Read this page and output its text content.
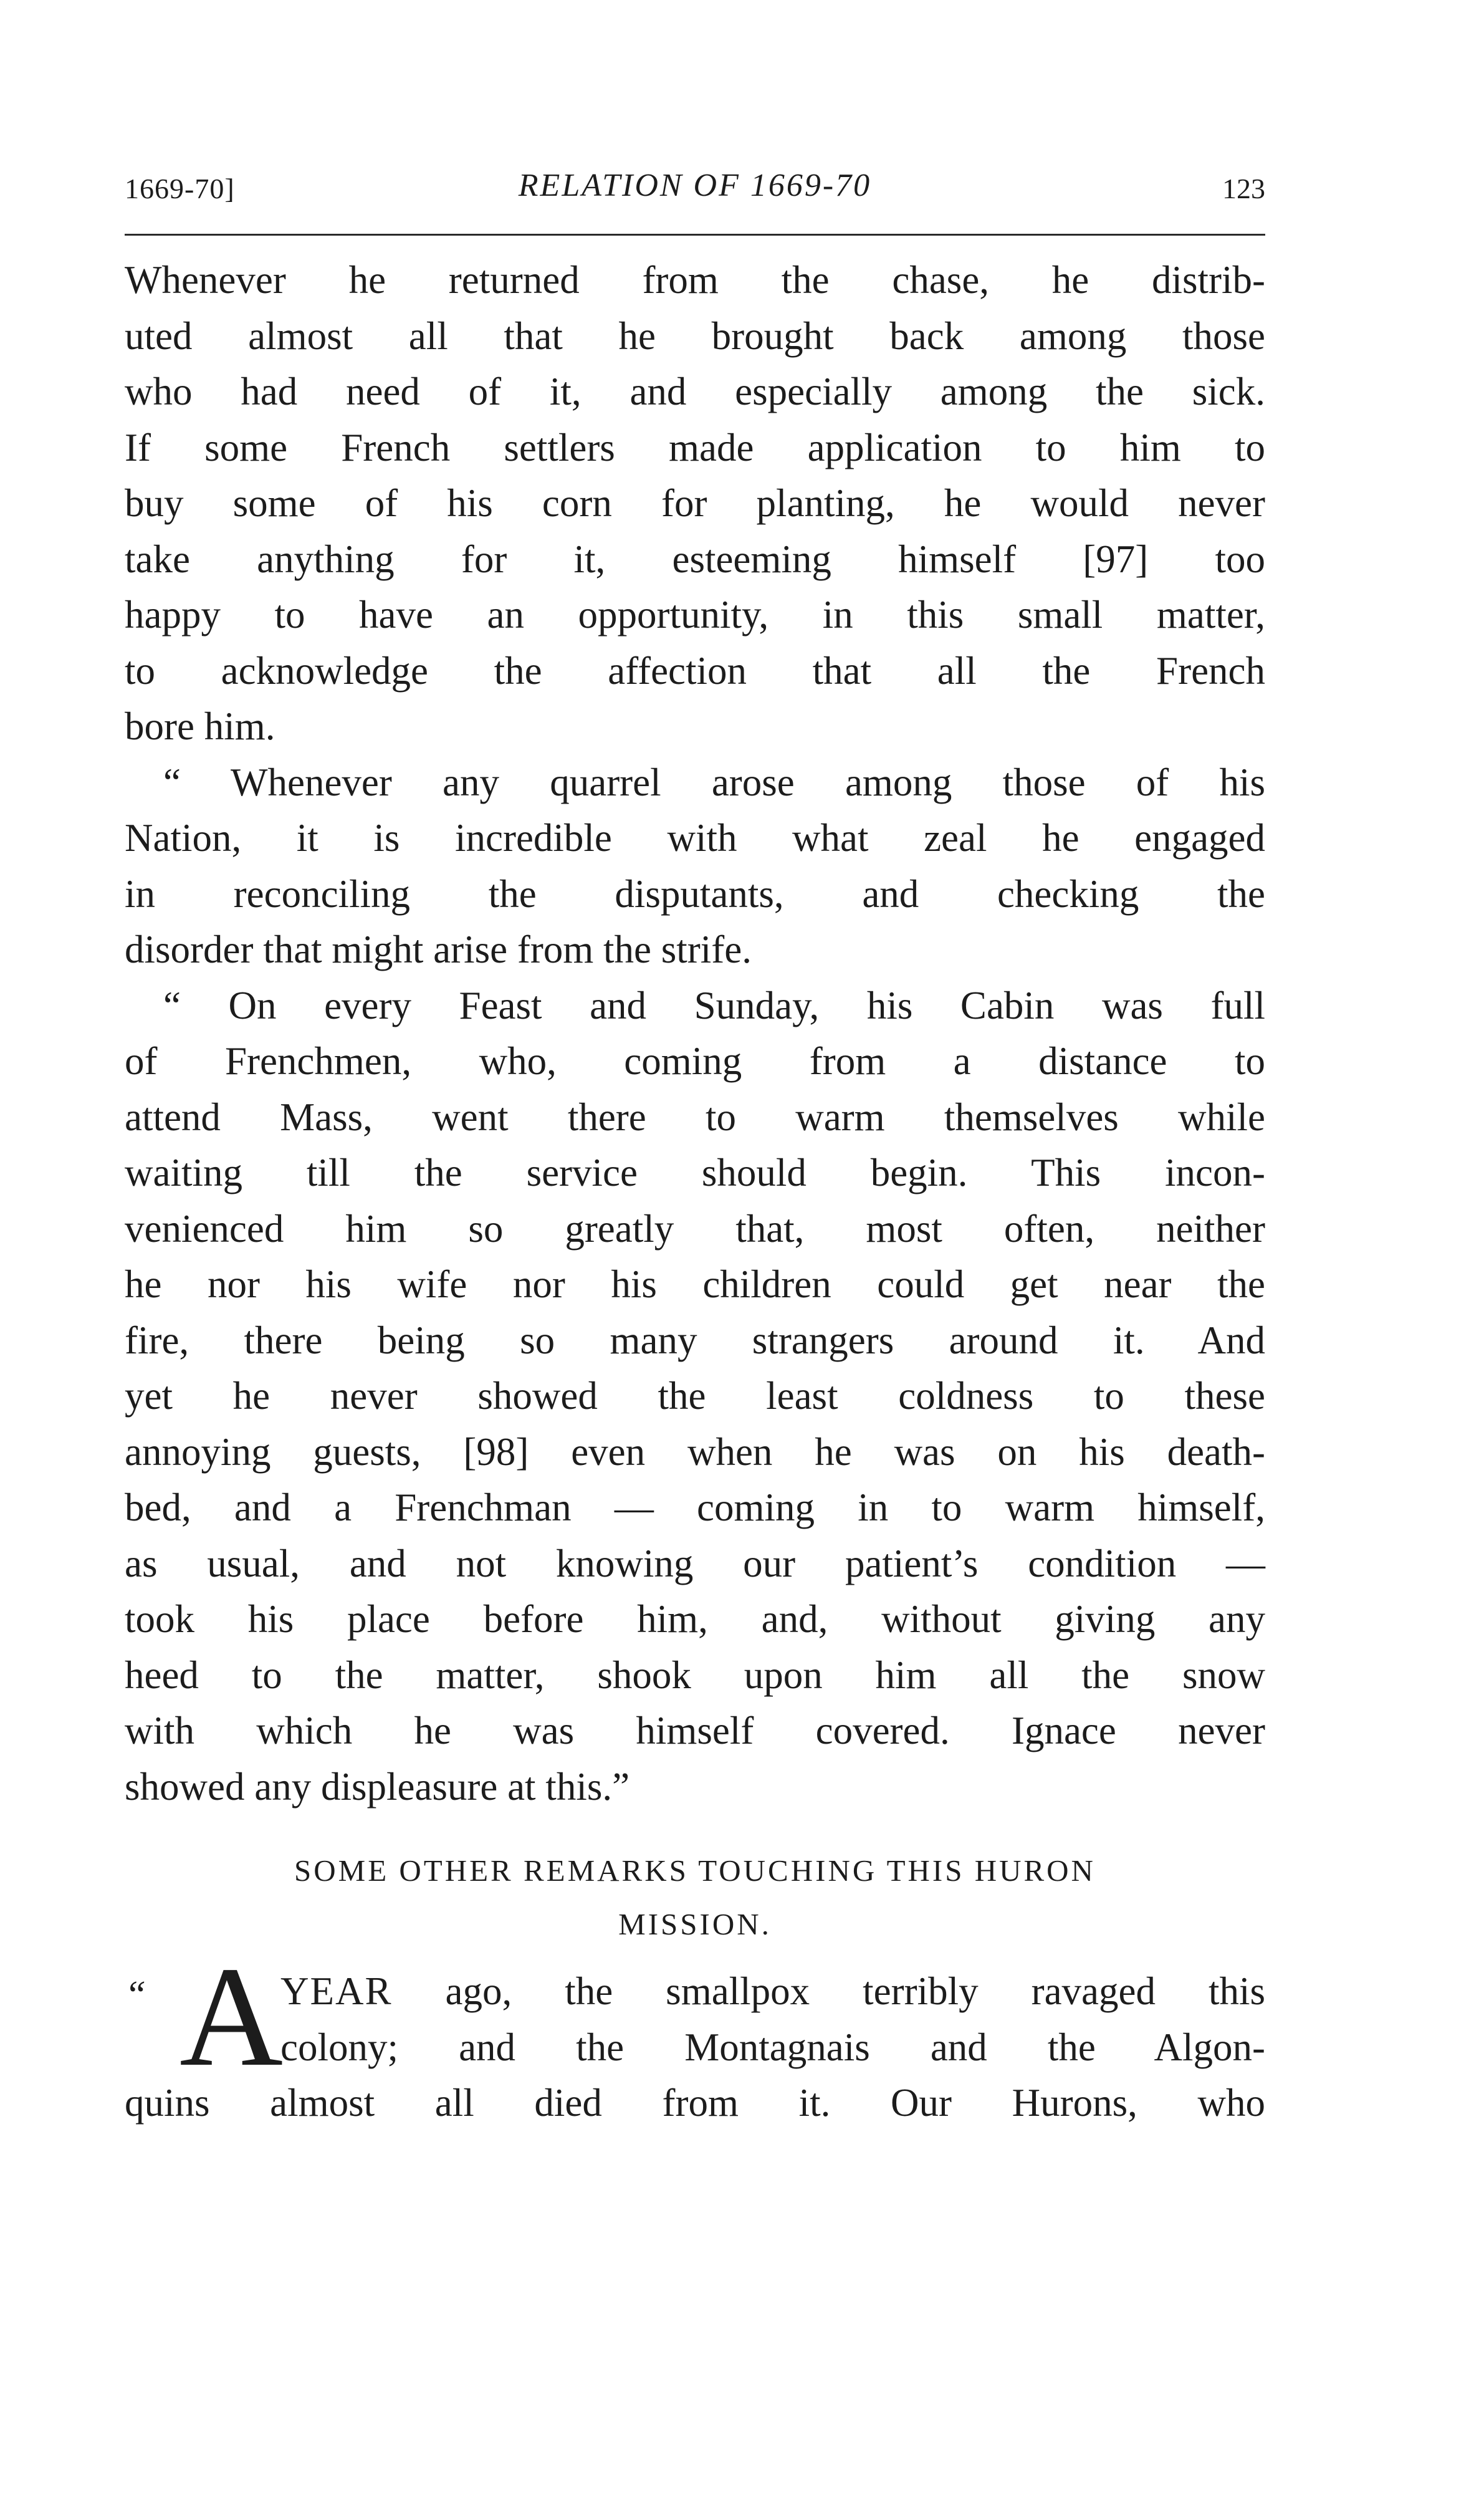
1669-70]	RELATION OF 1669-70	123
Whenever he returned from the chase, he distrib-
uted almost all that he brought back among those
who had need of it, and especially among the sick.
If some French settlers made application to him to
buy some of his corn for planting, he would never
take anything for it, esteeming himself [97] too
happy to have an opportunity, in this small matter,
to acknowledge the affection that all the French
bore him.
“ Whenever any quarrel arose among those of his
Nation, it is incredible with what zeal he engaged
in reconciling the disputants, and checking the
disorder that might arise from the strife.
“ On every Feast and Sunday, his Cabin was full
of Frenchmen, who, coming from a distance to
attend Mass, went there to warm themselves while
waiting till the service should begin. This incon-
venienced him so greatly that, most often, neither
he nor his wife nor his children could get near the
fire, there being so many strangers around it. And
yet he never showed the least coldness to these
annoying guests, [98] even when he was on his death-
bed, and a Frenchman — coming in to warm himself,
as usual, and not knowing our patient’s condition —
took his place before him, and, without giving any
heed to the matter, shook upon him all the snow
with which he was himself covered. Ignace never
showed any displeasure at this.”
SOME OTHER REMARKS TOUCHING THIS HURON
MISSION.
“ A
YEAR ago, the smallpox terribly ravaged this
colony; and the Montagnais and the Algon-
quins almost all died from it. Our Hurons, who
